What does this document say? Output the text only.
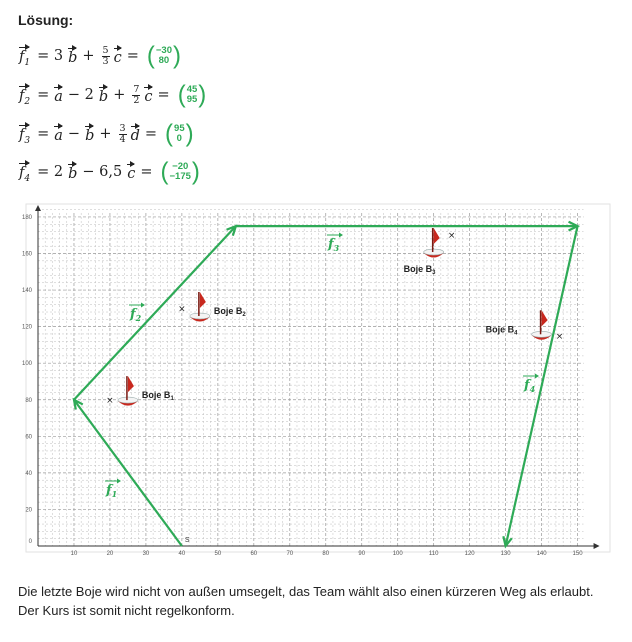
Lösung:
$f_1 = 3$ $b + \frac{5}{3}$ c = ( −30
80 )
$f_2 = a - 2$ $b + \frac{7}{2}$ c = ( 45
95 )
$f_3 = a - b + \frac{3}{4}$ d = ( 95
0 )
$f_4 = 2$ b − 6,5 c = ( −20
−175 )
10	20	30	40	50	60	70	80	90	100	110	120	130	140	150
20
40
60
80
100
120
140
160
180
0
$f_1$
$f_2$
$f_3$
$f_4$
S
×
Boje $B_1$
×	Boje $B_2$
×
Boje $B_3$
×
Boje $B_4$
Die letzte Boje wird nicht von außen umsegelt, das Team wählt also einen kürzeren Weg als erlaubt.
Der Kurs ist somit nicht regelkonform.
